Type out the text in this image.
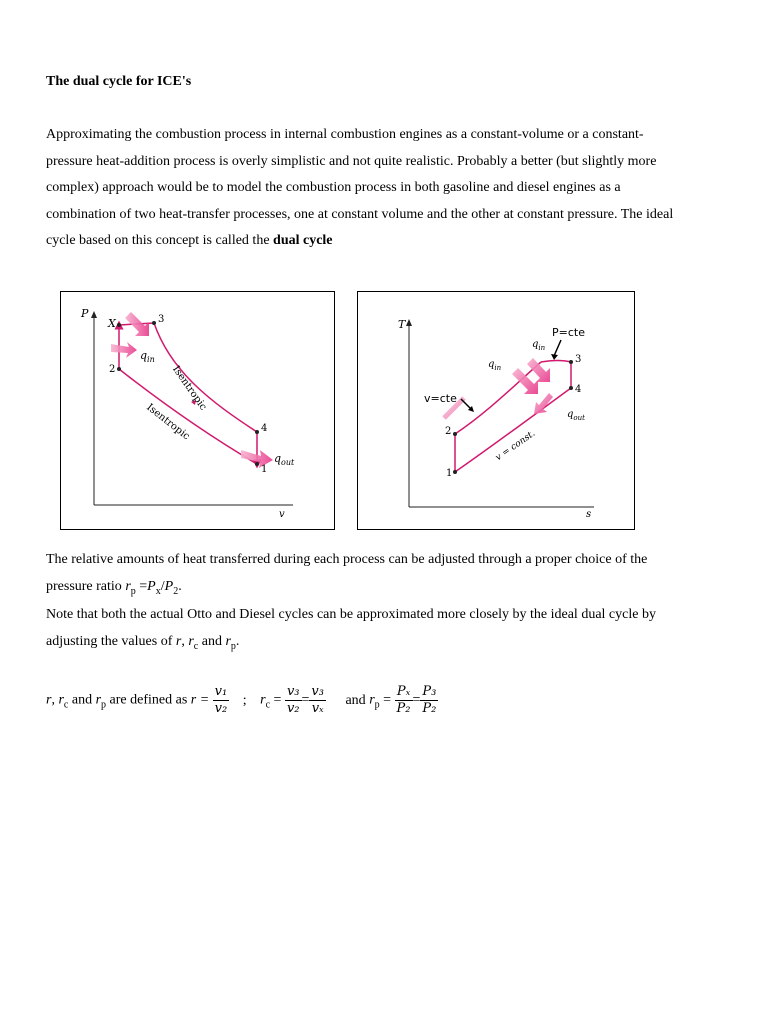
The dual cycle for ICE's
Approximating the combustion process in internal combustion engines as a constant-volume or a constant-
pressure heat-addition process is overly simplistic and not quite realistic. Probably a better (but slightly more
complex) approach would be to model the combustion process in both gasoline and diesel engines as a
combination of two heat-transfer processes, one at constant volume and the other at constant pressure. The ideal
cycle based on this concept is called the dual cycle
P
v
X	3
2
4
1
$q_{in}$
$q_{out}$
Isentropic
Isentropic
T
s
3
4
2
1
P=cte
v=cte
$q_{in}$
$q_{in}$
$q_{out}$
v = const.
The relative amounts of heat transferred during each process can be adjusted through a proper choice of the
pressure ratio $r_p =P_x/P_2$.
Note that both the actual Otto and Diesel cycles can be approximated more closely by the ideal dual cycle by
adjusting the values of r, $r_c$ and $r_p$.
r, $r_c$ and $r_p$ are defined as $r = \frac{\text{v₁}}{\text{v₂}}$ ; $r_c = \frac{\text{v₃}}{\text{v₂}} = \frac{\text{v₃}}{\text{vₓ}}$ and $r_p = \frac{\text{Pₓ}}{\text{P₂}} = \frac{\text{P₃}}{\text{P₂}}$
